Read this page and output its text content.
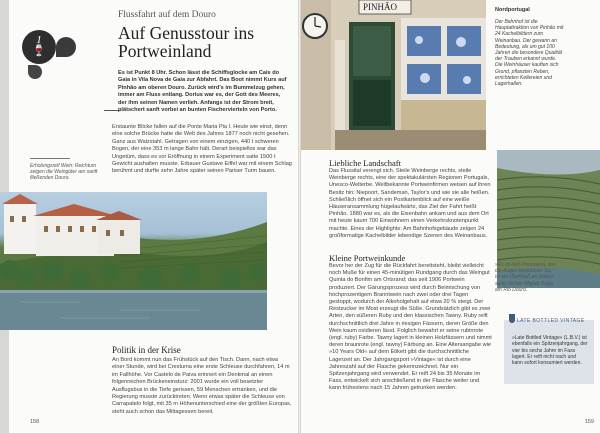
1
🍷
Flussfahrt auf dem Douro
Auf Genusstour ins Portweinland

Es ist Punkt 8 Uhr. Schon lässt die Schiffsglocke am Cais do Gaia in Vila Nova de Gaia zur Abfahrt. Das Boot nimmt Kurs auf Pinhão am oberen Douro. Zurück wird's im Bummelzug gehen, immer am Fluss entlang. Dorius war es, der Gott des Meeres, der ihm seinen Namen verlieh. Anfangs ist der Strom breit, plätschert sanft vorbei an bunten Fischervierteln von Porto.

Erstaunte Blicke fallen auf die Ponte Maria Pia I. Heute wie einst, denn eine solche Brücke hatte die Welt des Jahres 1877 noch nicht gesehen. Ganz aus Walzstahl. Getragen von einem einzigen, 440 t schweren Bogen, der eine 353 m lange Bahn hält. Derart beispiellos war das Ungetüm, dass es vor Eröffnung in einem Experiment satte 1500 t Gewicht aushalten musste. Erbauer Gustave Eiffel war mit einem Schlag berühmt und durfte zehn Jahre später seinen Pariser Turm bauen.

Erholungsreif Wein: Reichtum zeigen die Weingüter am sanft fließenden Douro.

Politik in der Krise

An Bord kommt nun das Frühstück auf den Tisch. Dann, nach etwa einer Stunde, wird bei Crestuma eine erste Schleuse durchfahren, 14 m im Fallhöhe. Vor Castelo de Paiva erinnert ein Denkmal an einen folgenreichen Brückeneinsturz: 2001 wurde ein voll besetzter Ausflugsbus in die Tiefe gerissen, 59 Menschen ertranken, und die Regierung musste zurücktreten. Wenn etwas später die Schleuse von Carrapatelo folgt, mit 35 m Höhenunterschied eine der größten Europas, steht auch schon das Mittagessen bereit.

158
PINHÃO	Nordportugal

Der Bahnhof ist die Hauptattraktion von Pinhão mit 24 Kachelbildern zum Weinanbau. Der gewann an Bedeutung, als um gut 100 Jahren die besondere Qualität der Trauben erkannt wurde. Die Weinhäuser kauften sich Grund, pflanzten Reben, errichteten Kellereien und Lagerhallen.

»Es ist kein Panorama, das die Augen bestaunen. Es ist ein Übermaß an Natur«, sang Dichter Miguel Torga am Rio Douro.

Liebliche Landschaft

Das Flussital verengt sich. Steile Weinberge rechts, steile Weinberge rechts, eine der spektakulärsten Regionen Portugals, Unesco-Welterbe. Weltbekannte Portweinfirmen weisen auf ihren Besitz hin: Niepoort, Sandeman, Taylor's und wie sie alle heißen. Schließlich öffnet sich ein Postkartenblick auf eine weiße Häuseransammlung hügelaufwärts, das Ziel der Fahrt heißt Pinhão. 1880 war es, als die Eisenbahn ankam und aus dem Ort mit heute kaum 700 Einwohnern einen Verkehrsknotenpunkt machte. Eines der Highlights: Am Bahnhofsgebäude zeigen 24 großformatige Kachelbilder lebendige Szenen des Weinanbaus.

Kleine Portweinkunde

Bevor her der Zug für die Rückfahrt bereitsteht, bleibt vielleicht noch Muße für einen 45-minütigen Rundgang durch das Weingut Quinta do Bonfim am Ortsrand; das seit 1906 Portwein produziert. Der Gärungsprozess wird durch Beimischung von hochprozentigem Branntwein nach zwei oder drei Tagen gestoppt, wodurch der Alkoholgehalt auf etwa 20 % steigt. Der Restzucker im Most erzeugt die Süße. Grundsätzlich gibt es zwei Arten, den süßeren Ruby und den klassischen Tawny. Ruby reift durchschnittlich drei Jahre in riesigen Fässern, deren Größe den Wein kaum oxidieren lässt. Folglich bewahrt er seine rubinrote (engl. ruby) Farbe. Tawny lagert in kleinen Holzfässern und nimmt deren braunrote (engl. tawny) Färbung an. Eine Altersangabe wie »10 Years Old« auf dem Etikett gibt die durchschnittliche Lagerzeit an. Der Jahrgangsport »Vintage« ist durch eine Jahreszahl auf der Flasche gekennzeichnet. Nur ein Spitzenjahrgang wird verwendet. Er reift 24 bis 35 Monate im Fass, entwickelt sich anschließend in der Flasche weiter und kann frühestens nach 15 Jahren getrunken werden.

»Late Bottled Vintage« (L.B.V.) ist ebenfalls ein Spitzenjahrgang, der vier bis sechs Jahre im Fass lagert. Er reift nicht nach und kann sofort konsumiert werden.

LATE BOTTLED VINTAGE
159
